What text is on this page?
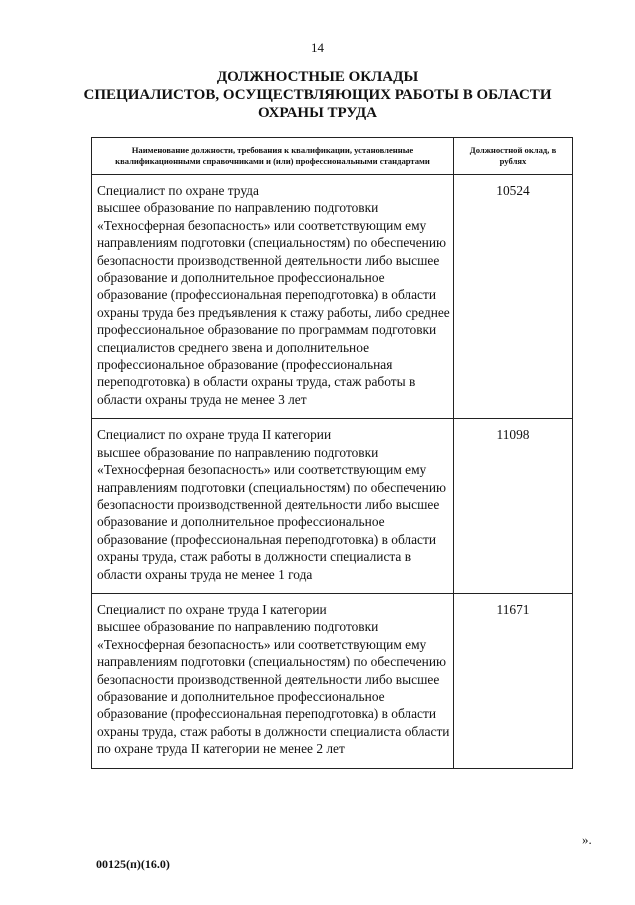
14
ДОЛЖНОСТНЫЕ ОКЛАДЫ
СПЕЦИАЛИСТОВ, ОСУЩЕСТВЛЯЮЩИХ РАБОТЫ В ОБЛАСТИ
ОХРАНЫ ТРУДА
Наименование должности, требования к квалификации, установленные квалификационными справочниками и (или) профессиональными стандартами	Должностной оклад, в рублях

Специалист по охране труда
высшее образование по направлению подготовки «Техносферная безопасность» или соответствующим ему направлениям подготовки (специальностям) по обеспечению безопасности производственной деятельности либо высшее образование и дополнительное профессиональное образование (профессиональная переподготовка) в области охраны труда без предъявления к стажу работы, либо среднее профессиональное образование по программам подготовки специалистов среднего звена и дополнительное профессиональное образование (профессиональная переподготовка) в области охраны труда, стаж работы в области охраны труда не менее 3 лет	10524

Специалист по охране труда II категории
высшее образование по направлению подготовки «Техносферная безопасность» или соответствующим ему направлениям подготовки (специальностям) по обеспечению безопасности производственной деятельности либо высшее образование и дополнительное профессиональное образование (профессиональная переподготовка) в области охраны труда, стаж работы в должности специалиста в области охраны труда не менее 1 года	11098

Специалист по охране труда I категории
высшее образование по направлению подготовки «Техносферная безопасность» или соответствующим ему направлениям подготовки (специальностям) по обеспечению безопасности производственной деятельности либо высшее образование и дополнительное профессиональное образование (профессиональная переподготовка) в области охраны труда, стаж работы в должности специалиста области по охране труда II категории не менее 2 лет	11671
».
00125(п)(16.0)
